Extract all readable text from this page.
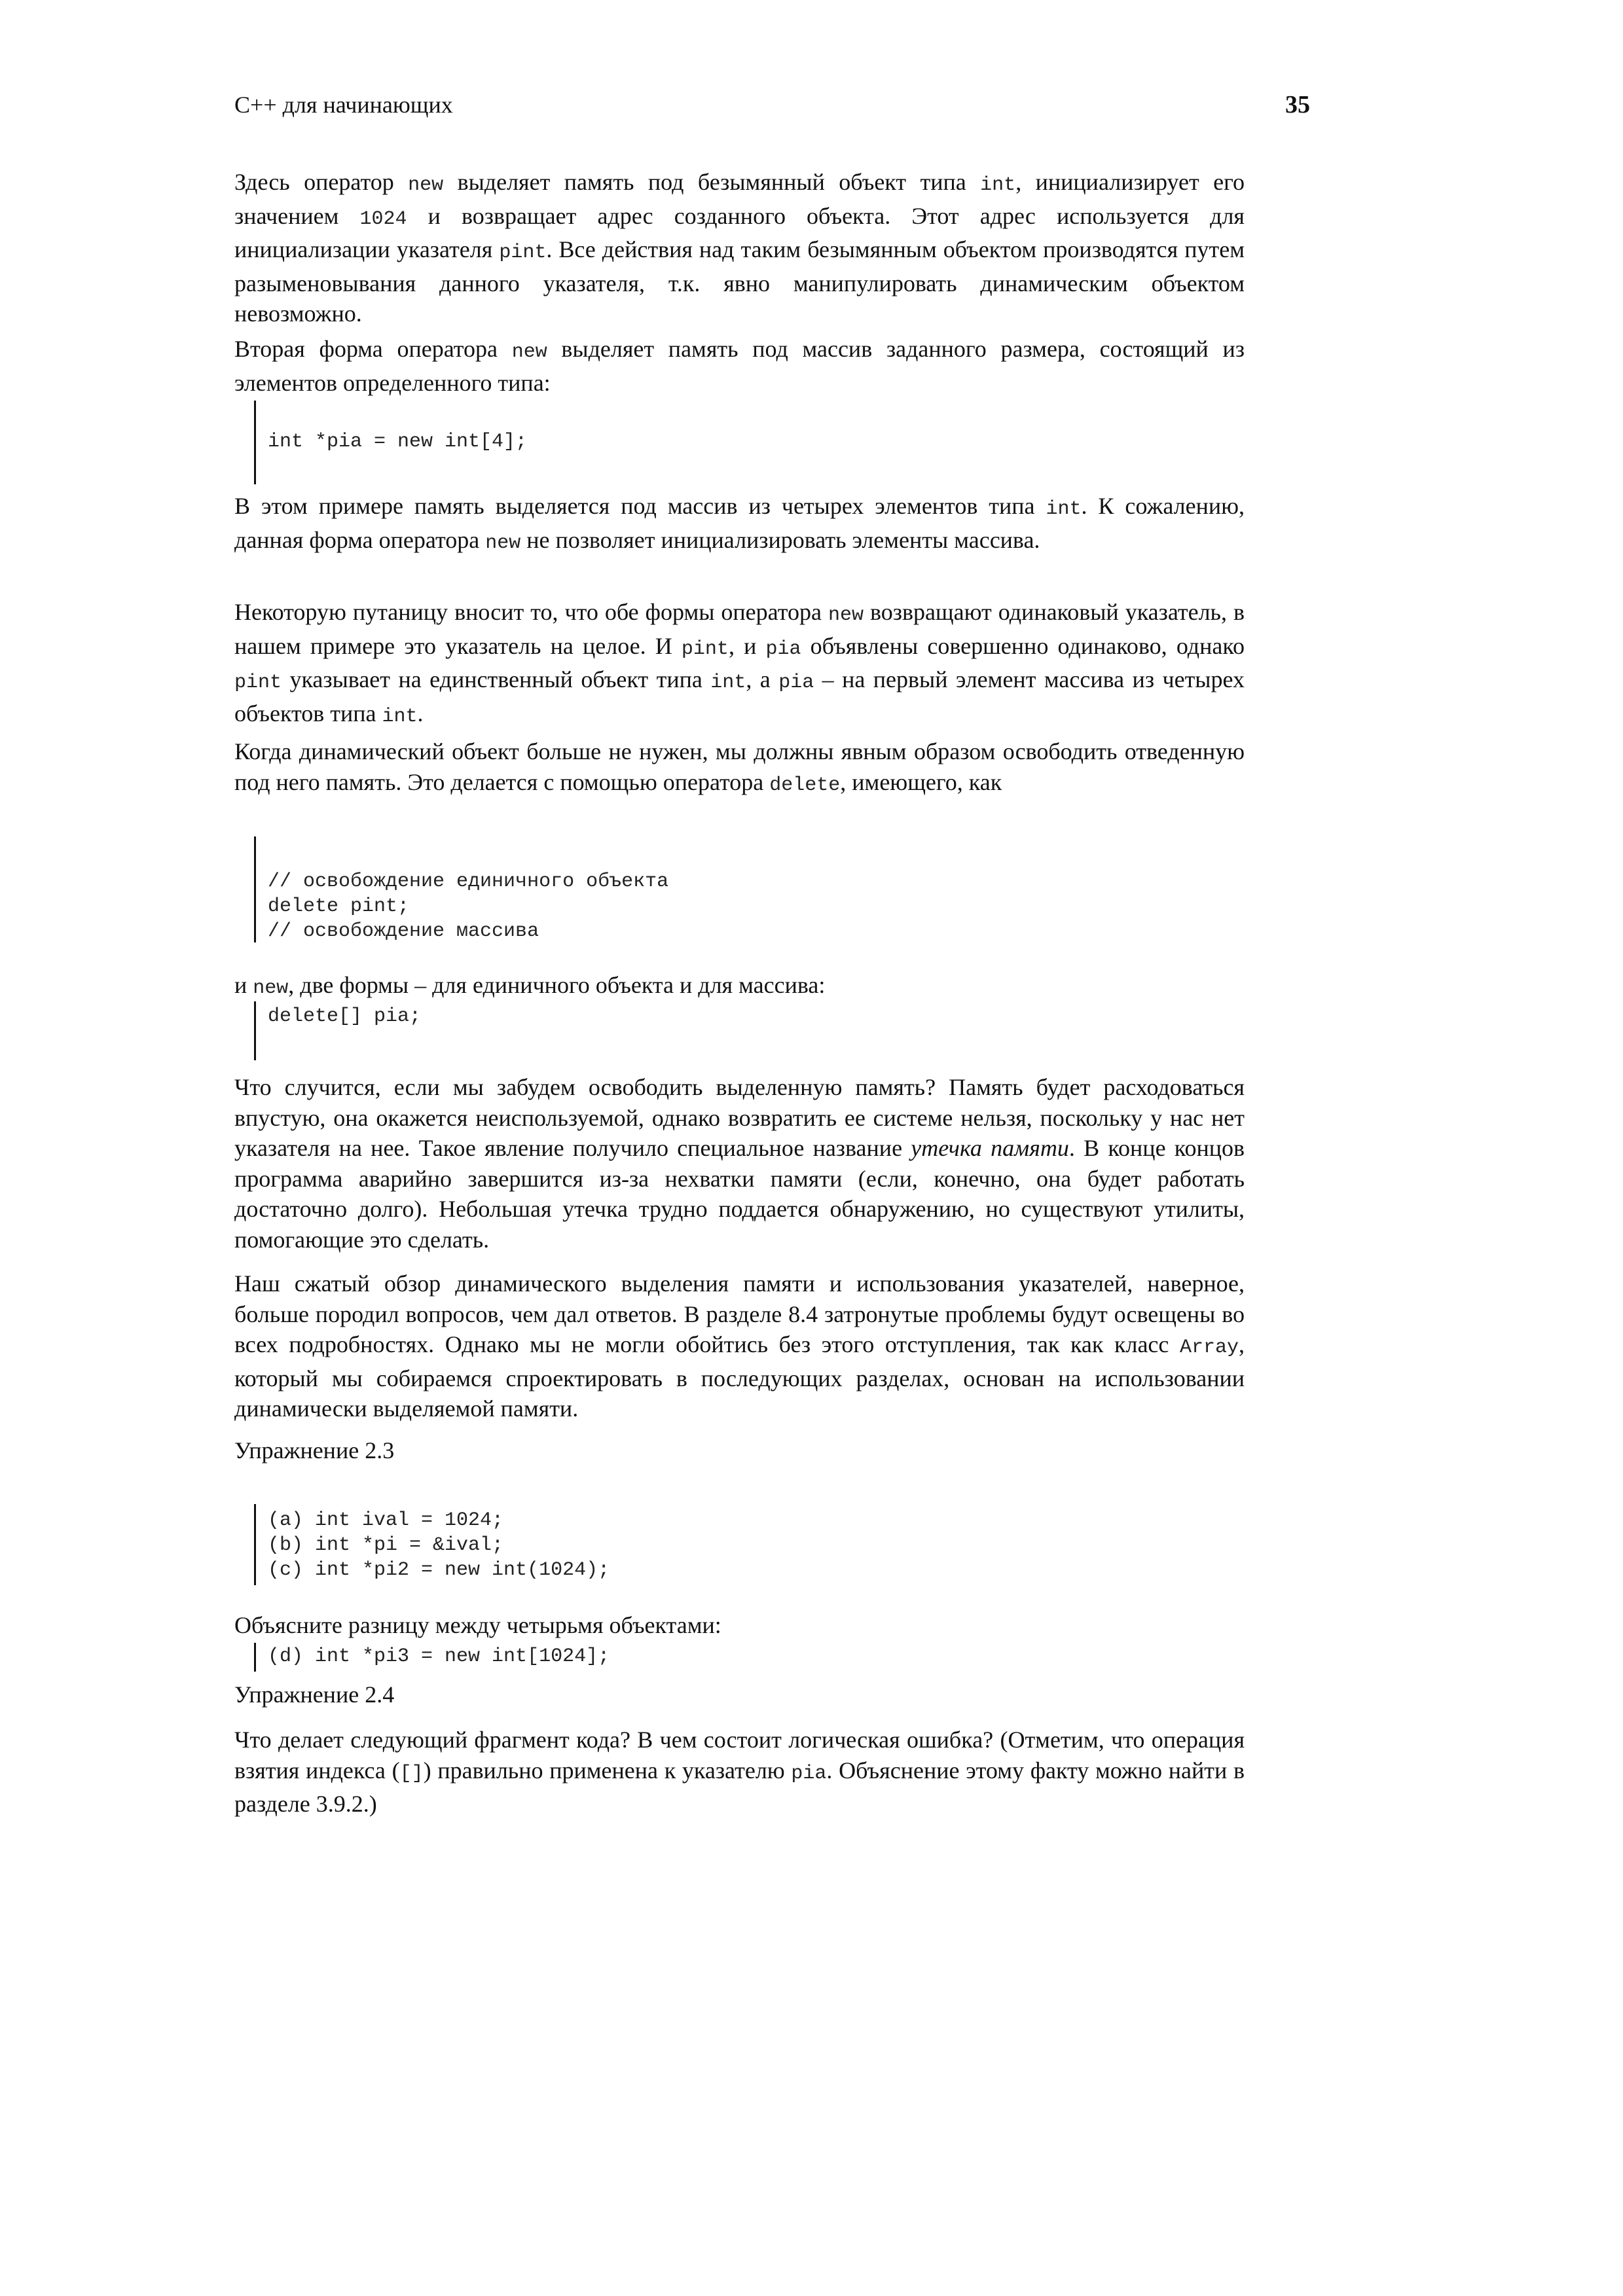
C++ для начинающих	35

Здесь оператор new выделяет память под безымянный объект типа int, инициализирует его значением 1024 и возвращает адрес созданного объекта. Этот адрес используется для инициализации указателя pint. Все действия над таким безымянным объектом производятся путем разыменовывания данного указателя, т.к. явно манипулировать динамическим объектом невозможно.

Вторая форма оператора new выделяет память под массив заданного размера, состоящий из элементов определенного типа:

int *pia = new int[4];

В этом примере память выделяется под массив из четырех элементов типа int. К сожалению, данная форма оператора new не позволяет инициализировать элементы массива.

Некоторую путаницу вносит то, что обе формы оператора new возвращают одинаковый указатель, в нашем примере это указатель на целое. И pint, и pia объявлены совершенно одинаково, однако pint указывает на единственный объект типа int, а pia – на первый элемент массива из четырех объектов типа int.

Когда динамический объект больше не нужен, мы должны явным образом освободить отведенную под него память. Это делается с помощью оператора delete, имеющего, как

// освобождение единичного объекта
delete pint;
// освобождение массива

и new, две формы – для единичного объекта и для массива:

delete[] pia;

Что случится, если мы забудем освободить выделенную память? Память будет расходоваться впустую, она окажется неиспользуемой, однако возвратить ее системе нельзя, поскольку у нас нет указателя на нее. Такое явление получило специальное название утечка памяти. В конце концов программа аварийно завершится из-за нехватки памяти (если, конечно, она будет работать достаточно долго). Небольшая утечка трудно поддается обнаружению, но существуют утилиты, помогающие это сделать.

Наш сжатый обзор динамического выделения памяти и использования указателей, наверное, больше породил вопросов, чем дал ответов. В разделе 8.4 затронутые проблемы будут освещены во всех подробностях. Однако мы не могли обойтись без этого отступления, так как класс Array, который мы собираемся спроектировать в последующих разделах, основан на использовании динамически выделяемой памяти.

Упражнение 2.3

(a) int ival = 1024;
(b) int *pi = &ival;
(c) int *pi2 = new int(1024);

Объясните разницу между четырьмя объектами:

(d) int *pi3 = new int[1024];

Упражнение 2.4

Что делает следующий фрагмент кода? В чем состоит логическая ошибка? (Отметим, что операция взятия индекса ([]) правильно применена к указателю pia. Объяснение этому факту можно найти в разделе 3.9.2.)
